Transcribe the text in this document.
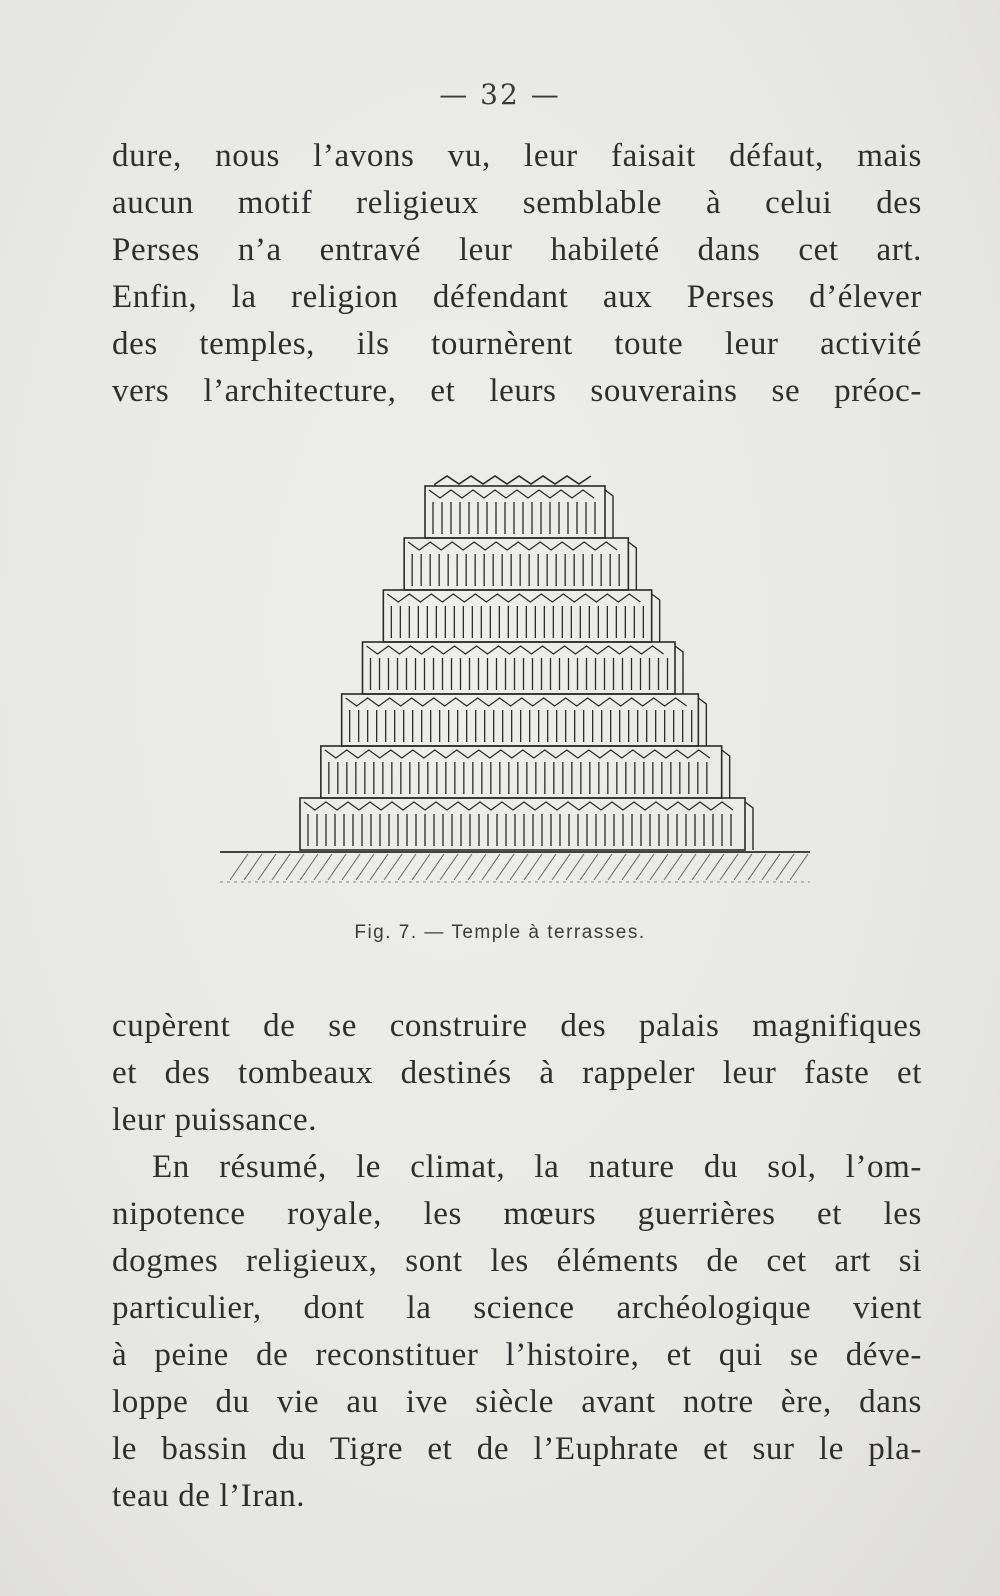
— 32 —
dure, nous l’avons vu, leur faisait défaut, mais
aucun motif religieux semblable à celui des
Perses n’a entravé leur habileté dans cet art.
Enfin, la religion défendant aux Perses d’élever
des temples, ils tournèrent toute leur activité
vers l’architecture, et leurs souverains se préoc-
Fig. 7. — Temple à terrasses.
cupèrent de se construire des palais magnifiques
et des tombeaux destinés à rappeler leur faste et
leur puissance.
En résumé, le climat, la nature du sol, l’om-
nipotence royale, les mœurs guerrières et les
dogmes religieux, sont les éléments de cet art si
particulier, dont la science archéologique vient
à peine de reconstituer l’histoire, et qui se déve-
loppe du vie au ive siècle avant notre ère, dans
le bassin du Tigre et de l’Euphrate et sur le pla-
teau de l’Iran.
